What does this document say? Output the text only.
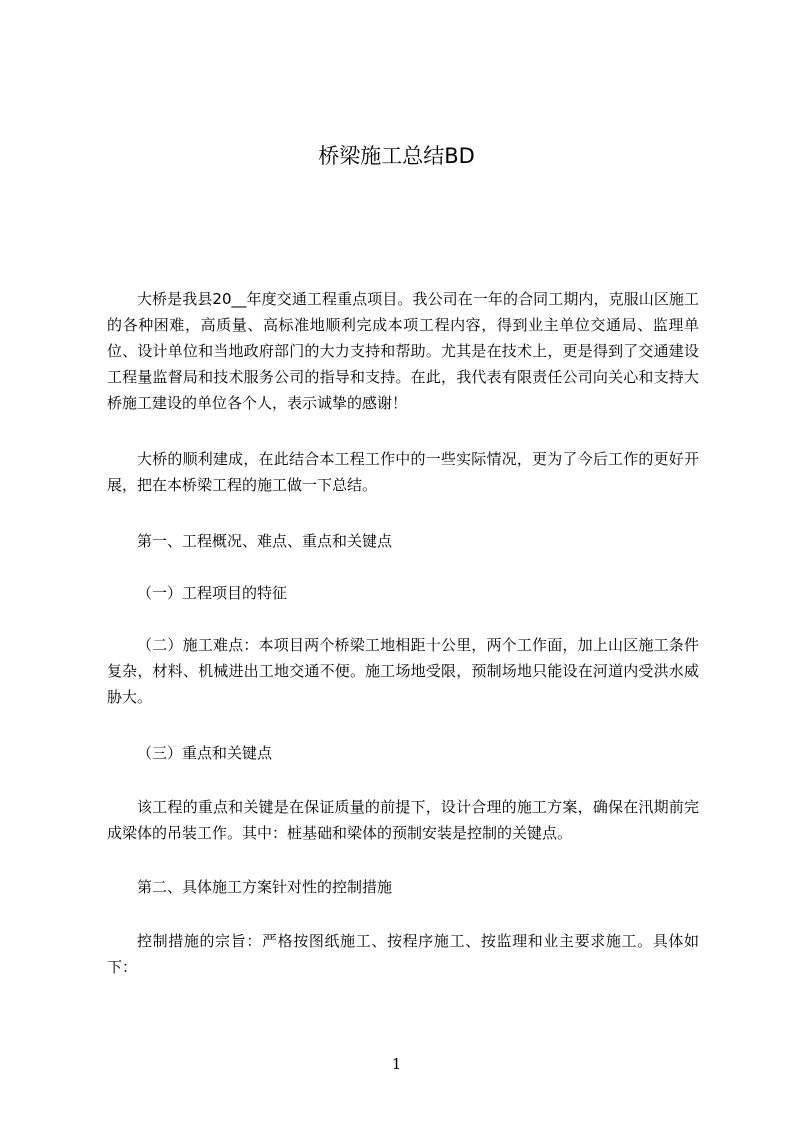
桥梁施工总结BD

大桥是我县20__年度交通工程重点项目。我公司在一年的合同工期内，克服山区施工的各种困难，高质量、高标准地顺利完成本项工程内容，得到业主单位交通局、监理单位、设计单位和当地政府部门的大力支持和帮助。尤其是在技术上，更是得到了交通建设工程量监督局和技术服务公司的指导和支持。在此，我代表有限责任公司向关心和支持大桥施工建设的单位各个人，表示诚挚的感谢！

大桥的顺利建成，在此结合本工程工作中的一些实际情况，更为了今后工作的更好开展，把在本桥梁工程的施工做一下总结。

第一、工程概况、难点、重点和关键点

（一）工程项目的特征

（二）施工难点：本项目两个桥梁工地相距十公里，两个工作面，加上山区施工条件复杂，材料、机械进出工地交通不便。施工场地受限，预制场地只能设在河道内受洪水威胁大。

（三）重点和关键点

该工程的重点和关键是在保证质量的前提下，设计合理的施工方案，确保在汛期前完成梁体的吊装工作。其中：桩基础和梁体的预制安装是控制的关键点。

第二、具体施工方案针对性的控制措施

控制措施的宗旨：严格按图纸施工、按程序施工、按监理和业主要求施工。具体如下：

1
